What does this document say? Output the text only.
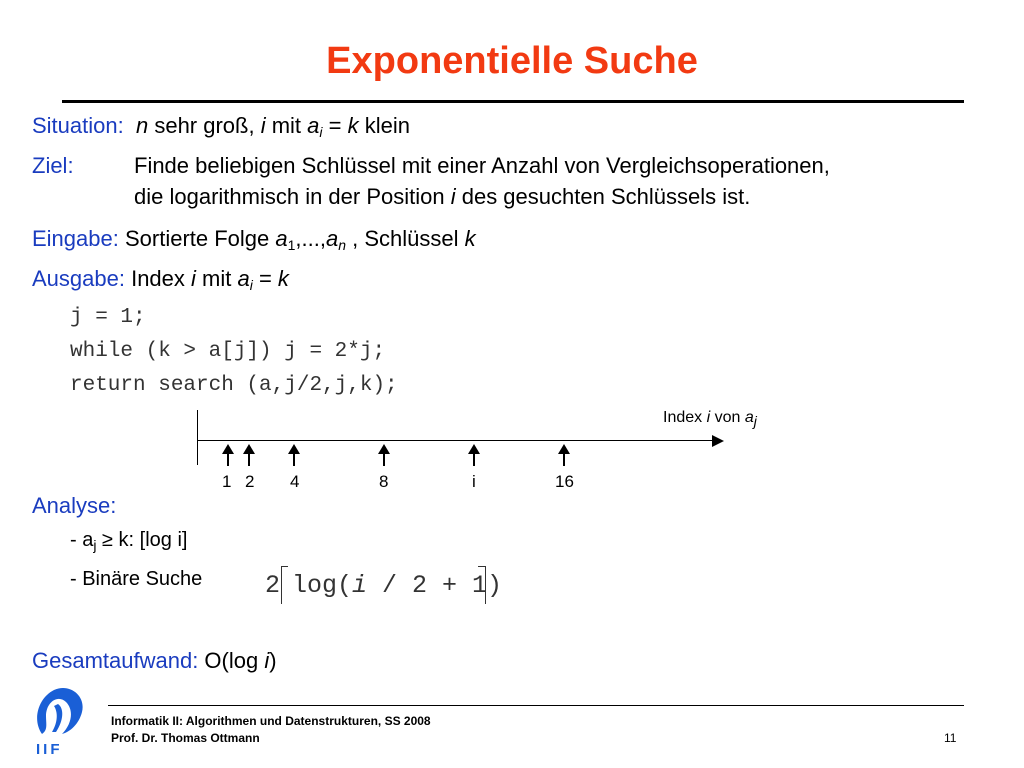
Exponentielle Suche
Situation: n sehr groß, i mit $a_i = k$ klein
Ziel:	Finde beliebigen Schlüssel mit einer Anzahl von Vergleichsoperationen,
die logarithmisch in der Position i des gesuchten Schlüssels ist.
Eingabe: Sortierte Folge $a_1,...,a_n$ , Schlüssel k
Ausgabe: Index i mit $a_i = k$
j = 1;
while (k > a[j]) j = 2*j;
return search (a,j/2,j,k);
Index i von $a_j$
1 2 4	8	i	16
Analyse:
- $a_j \ge k$: [log i]
- Binäre Suche	2 log(i / 2 + 1)
Gesamtaufwand: O(log i)
IIF
Informatik II: Algorithmen und Datenstrukturen, SS 2008
Prof. Dr. Thomas Ottmann	11
